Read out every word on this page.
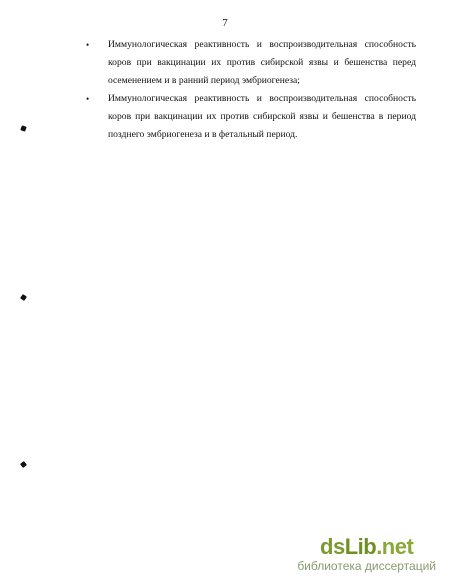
7
• Иммунологическая реактивность и воспроизводительная способность коров при вакцинации их против сибирской язвы и бешенства перед осеменением и в ранний период эмбриогенеза;
• Иммунологическая реактивность и воспроизводительная способность коров при вакцинации их против сибирской язвы и бешенства в период позднего эмбриогенеза и в фетальный период.
dsLib.net
библиотека диссертаций
